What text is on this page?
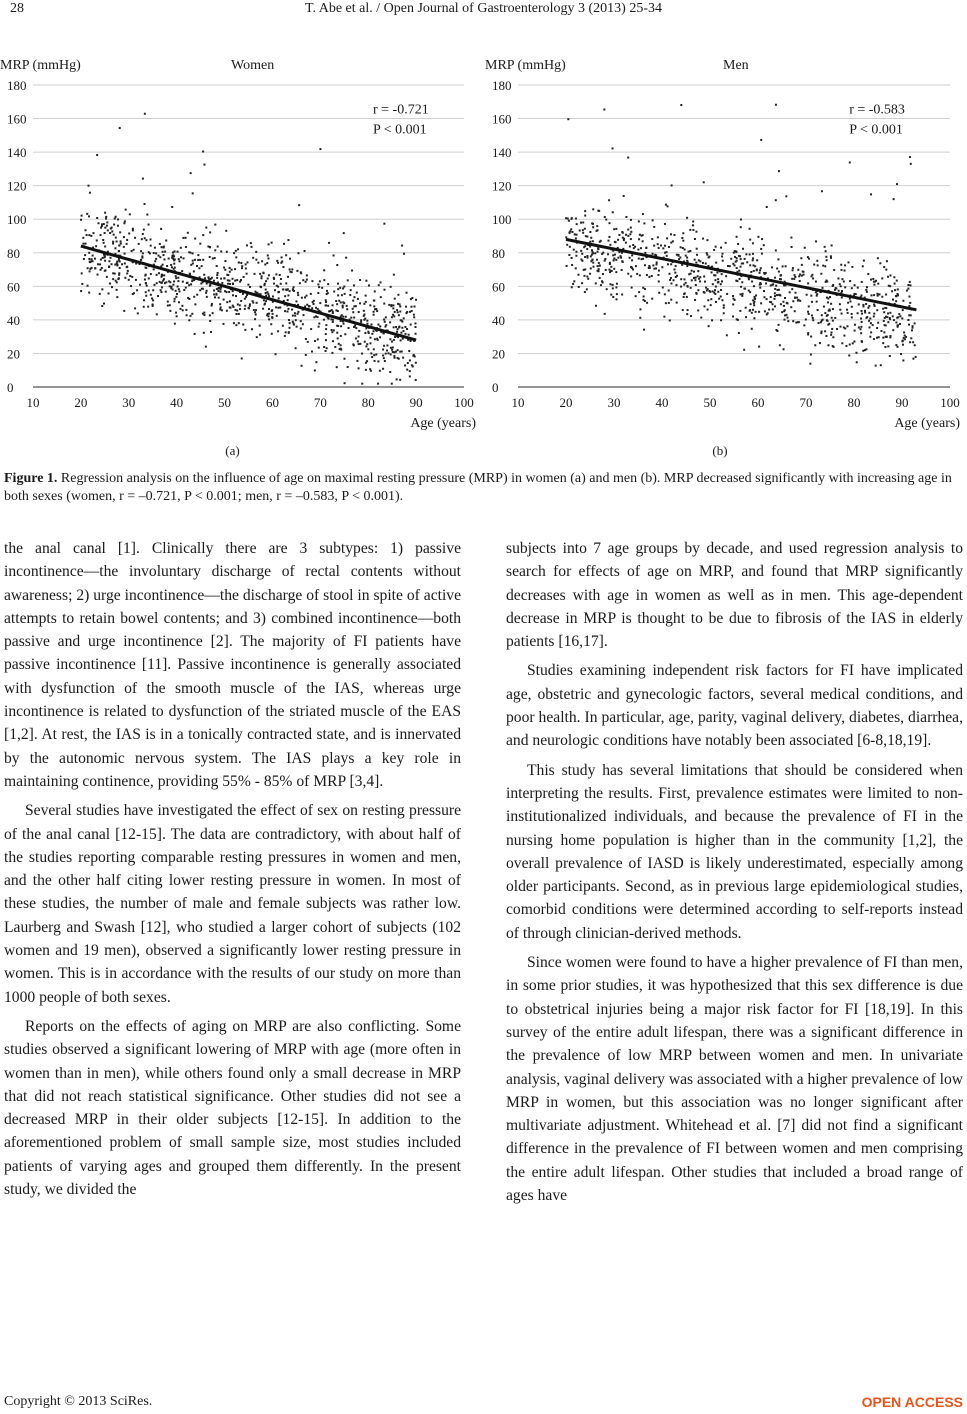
28	T. Abe et al. / Open Journal of Gastroenterology 3 (2013) 25-34
0
20
40
60
80
100
120
140
160
180
10	20	30	40	50	60	70	80	90 100
MRP (mmHg)	Women
Age (years)
(a)
r = -0.721
P < 0.001
0
20
40
60
80
100
120
140
160
180
10	20	30	40	50	60	70	80	90 100
MRP (mmHg)	Men
Age (years)
(b)
r = -0.583
P < 0.001
Figure 1. Regression analysis on the influence of age on maximal resting pressure (MRP) in women (a) and men (b). MRP decreased significantly with increasing age in both sexes (women, r = –0.721, P < 0.001; men, r = –0.583, P < 0.001).

the anal canal [1]. Clinically there are 3 subtypes: 1) passive incontinence—the involuntary discharge of rectal contents without awareness; 2) urge incontinence—the discharge of stool in spite of active attempts to retain bowel contents; and 3) combined incontinence—both passive and urge incontinence [2]. The majority of FI patients have passive incontinence [11]. Passive incontinence is generally associated with dysfunction of the smooth muscle of the IAS, whereas urge incontinence is related to dysfunction of the striated muscle of the EAS [1,2]. At rest, the IAS is in a tonically contracted state, and is innervated by the autonomic nervous system. The IAS plays a key role in maintaining continence, providing 55% - 85% of MRP [3,4].

Several studies have investigated the effect of sex on resting pressure of the anal canal [12-15]. The data are contradictory, with about half of the studies reporting comparable resting pressures in women and men, and the other half citing lower resting pressure in women. In most of these studies, the number of male and female subjects was rather low. Laurberg and Swash [12], who studied a larger cohort of subjects (102 women and 19 men), observed a significantly lower resting pressure in women. This is in accordance with the results of our study on more than 1000 people of both sexes.

Reports on the effects of aging on MRP are also conflicting. Some studies observed a significant lowering of MRP with age (more often in women than in men), while others found only a small decrease in MRP that did not reach statistical significance. Other studies did not see a decreased MRP in their older subjects [12-15]. In addition to the aforementioned problem of small sample size, most studies included patients of varying ages and grouped them differently. In the present study, we divided the

subjects into 7 age groups by decade, and used regression analysis to search for effects of age on MRP, and found that MRP significantly decreases with age in women as well as in men. This age-dependent decrease in MRP is thought to be due to fibrosis of the IAS in elderly patients [16,17].

Studies examining independent risk factors for FI have implicated age, obstetric and gynecologic factors, several medical conditions, and poor health. In particular, age, parity, vaginal delivery, diabetes, diarrhea, and neurologic conditions have notably been associated [6-8,18,19].

This study has several limitations that should be considered when interpreting the results. First, prevalence estimates were limited to non-institutionalized individuals, and because the prevalence of FI in the nursing home population is higher than in the community [1,2], the overall prevalence of IASD is likely underestimated, especially among older participants. Second, as in previous large epidemiological studies, comorbid conditions were determined according to self-reports instead of through clinician-derived methods.

Since women were found to have a higher prevalence of FI than men, in some prior studies, it was hypothesized that this sex difference is due to obstetrical injuries being a major risk factor for FI [18,19]. In this survey of the entire adult lifespan, there was a significant difference in the prevalence of low MRP between women and men. In univariate analysis, vaginal delivery was associated with a higher prevalence of low MRP in women, but this association was no longer significant after multivariate adjustment. Whitehead et al. [7] did not find a significant difference in the prevalence of FI between women and men comprising the entire adult lifespan. Other studies that included a broad range of ages have

Copyright © 2013 SciRes.	OPEN ACCESS
